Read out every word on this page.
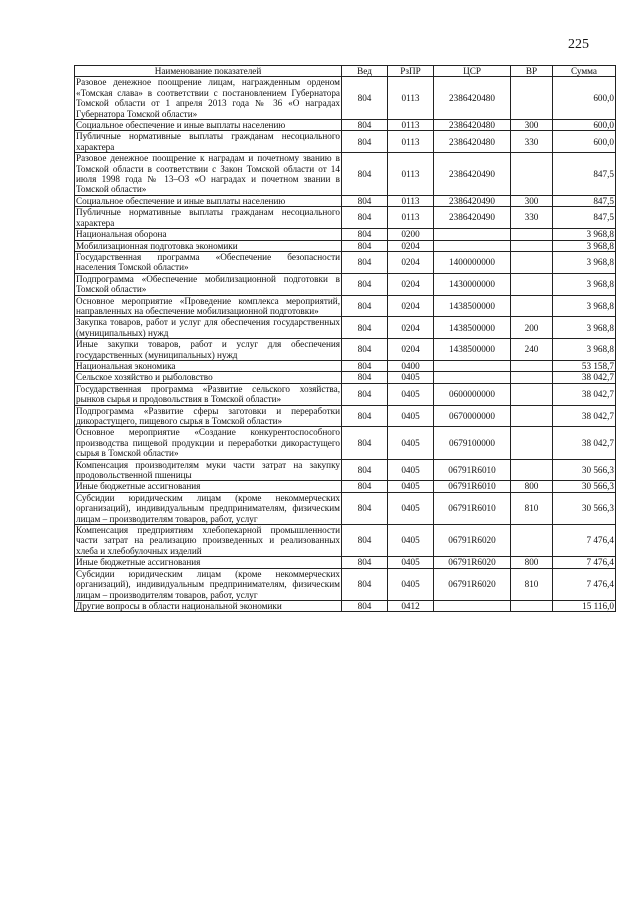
225
Наименование показателей	Вед	РзПР	ЦСР	ВР	Сумма
Разовое денежное поощрение лицам, награжденным орденом «Томская слава» в соответствии с постановлением Губернатора Томской области от 1 апреля 2013 года № 36 «О наградах Губернатора Томской области»	804	0113	2386420480		600,0
Социальное обеспечение и иные выплаты населению	804	0113	2386420480	300	600,0
Публичные нормативные выплаты гражданам несоциального характера	804	0113	2386420480	330	600,0
Разовое денежное поощрение к наградам и почетному званию в Томской области в соответствии с Закон Томской области от 14 июля 1998 года № 13–ОЗ «О наградах и почетном звании в Томской области»	804	0113	2386420490		847,5
Социальное обеспечение и иные выплаты населению	804	0113	2386420490	300	847,5
Публичные нормативные выплаты гражданам несоциального характера	804	0113	2386420490	330	847,5
Национальная оборона	804	0200			3 968,8
Мобилизационная подготовка экономики	804	0204			3 968,8
Государственная программа «Обеспечение безопасности населения Томской области»	804	0204	1400000000		3 968,8
Подпрограмма «Обеспечение мобилизационной подготовки в Томской области»	804	0204	1430000000		3 968,8
Основное мероприятие «Проведение комплекса мероприятий, направленных на обеспечение мобилизационной подготовки»	804	0204	1438500000		3 968,8
Закупка товаров, работ и услуг для обеспечения государственных (муниципальных) нужд	804	0204	1438500000	200	3 968,8
Иные закупки товаров, работ и услуг для обеспечения государственных (муниципальных) нужд	804	0204	1438500000	240	3 968,8
Национальная экономика	804	0400			53 158,7
Сельское хозяйство и рыболовство	804	0405			38 042,7
Государственная программа «Развитие сельского хозяйства, рынков сырья и продовольствия в Томской области»	804	0405	0600000000		38 042,7
Подпрограмма «Развитие сферы заготовки и переработки дикорастущего, пищевого сырья в Томской области»	804	0405	0670000000		38 042,7
Основное мероприятие «Создание конкурентоспособного производства пищевой продукции и переработки дикорастущего сырья в Томской области»	804	0405	0679100000		38 042,7
Компенсация производителям муки части затрат на закупку продовольственной пшеницы	804	0405	06791R6010		30 566,3
Иные бюджетные ассигнования	804	0405	06791R6010	800	30 566,3
Субсидии юридическим лицам (кроме некоммерческих организаций), индивидуальным предпринимателям, физическим лицам – производителям товаров, работ, услуг	804	0405	06791R6010	810	30 566,3
Компенсация предприятиям хлебопекарной промышленности части затрат на реализацию произведенных и реализованных хлеба и хлебобулочных изделий	804	0405	06791R6020		7 476,4
Иные бюджетные ассигнования	804	0405	06791R6020	800	7 476,4
Субсидии юридическим лицам (кроме некоммерческих организаций), индивидуальным предпринимателям, физическим лицам – производителям товаров, работ, услуг	804	0405	06791R6020	810	7 476,4
Другие вопросы в области национальной экономики	804	0412			15 116,0
